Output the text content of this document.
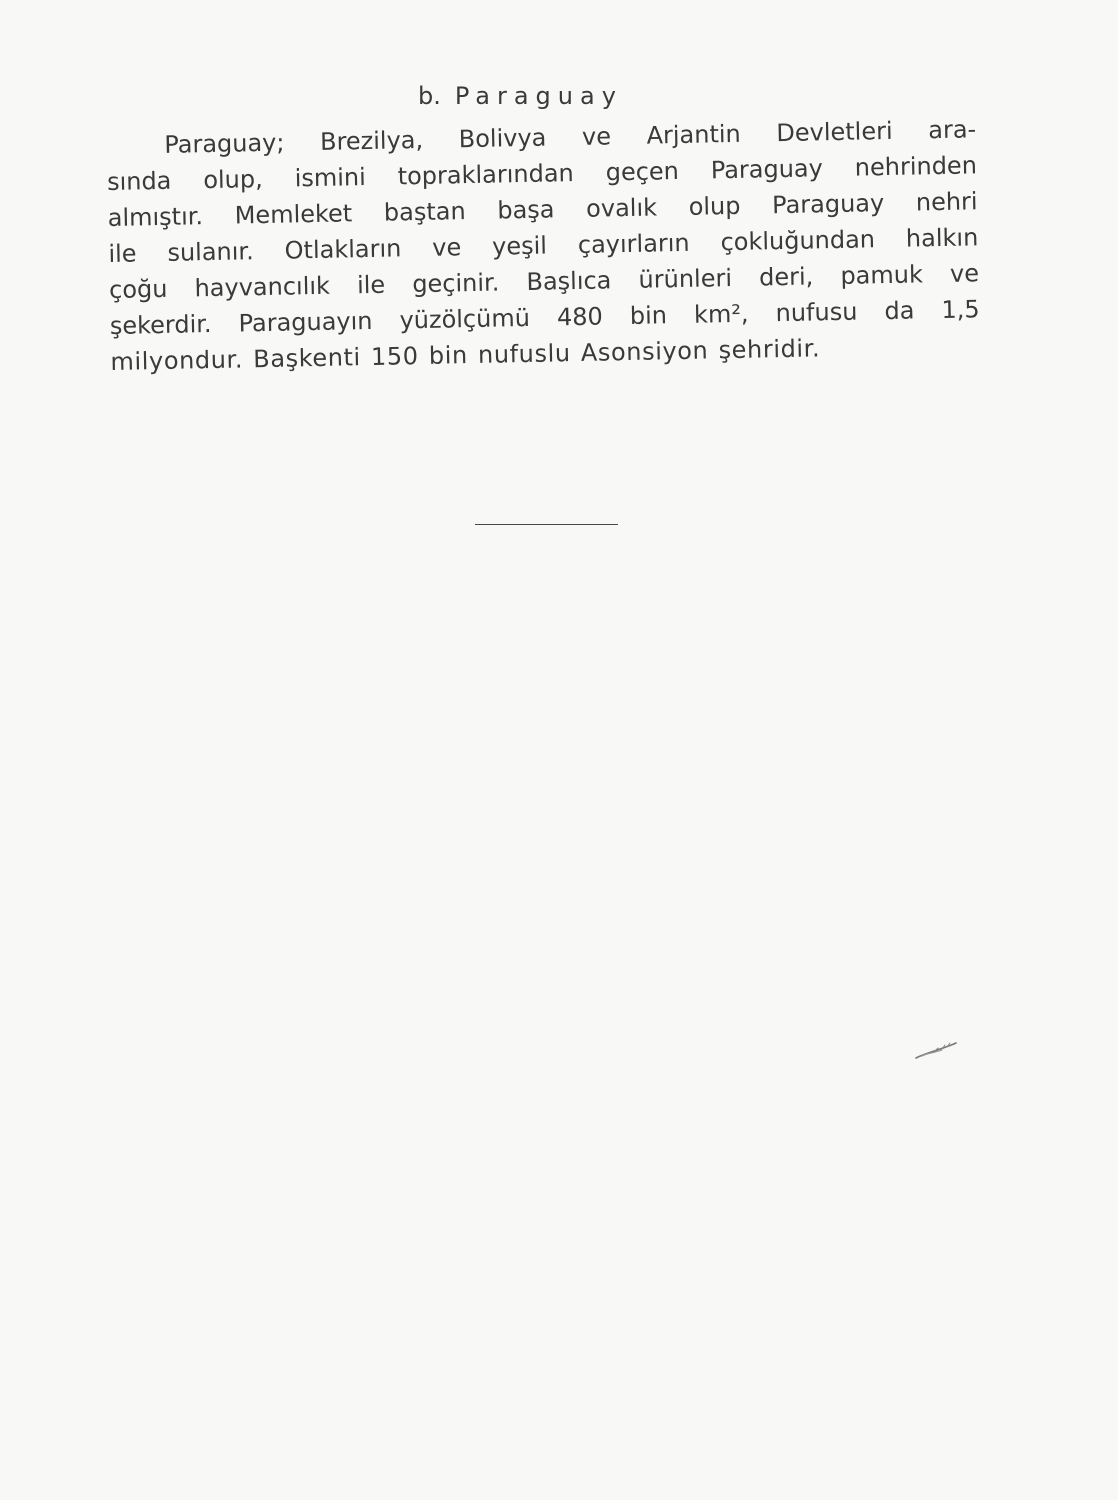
b. Paraguay
Paraguay; Brezilya, Bolivya ve Arjantin Devletleri ara-
sında olup, ismini topraklarından geçen Paraguay nehrinden
almıştır. Memleket baştan başa ovalık olup Paraguay nehri
ile sulanır. Otlakların ve yeşil çayırların çokluğundan halkın
çoğu hayvancılık ile geçinir. Başlıca ürünleri deri, pamuk ve
şekerdir. Paraguayın yüzölçümü 480 bin km², nufusu da 1,5
milyondur. Başkenti 150 bin nufuslu Asonsiyon şehridir.
